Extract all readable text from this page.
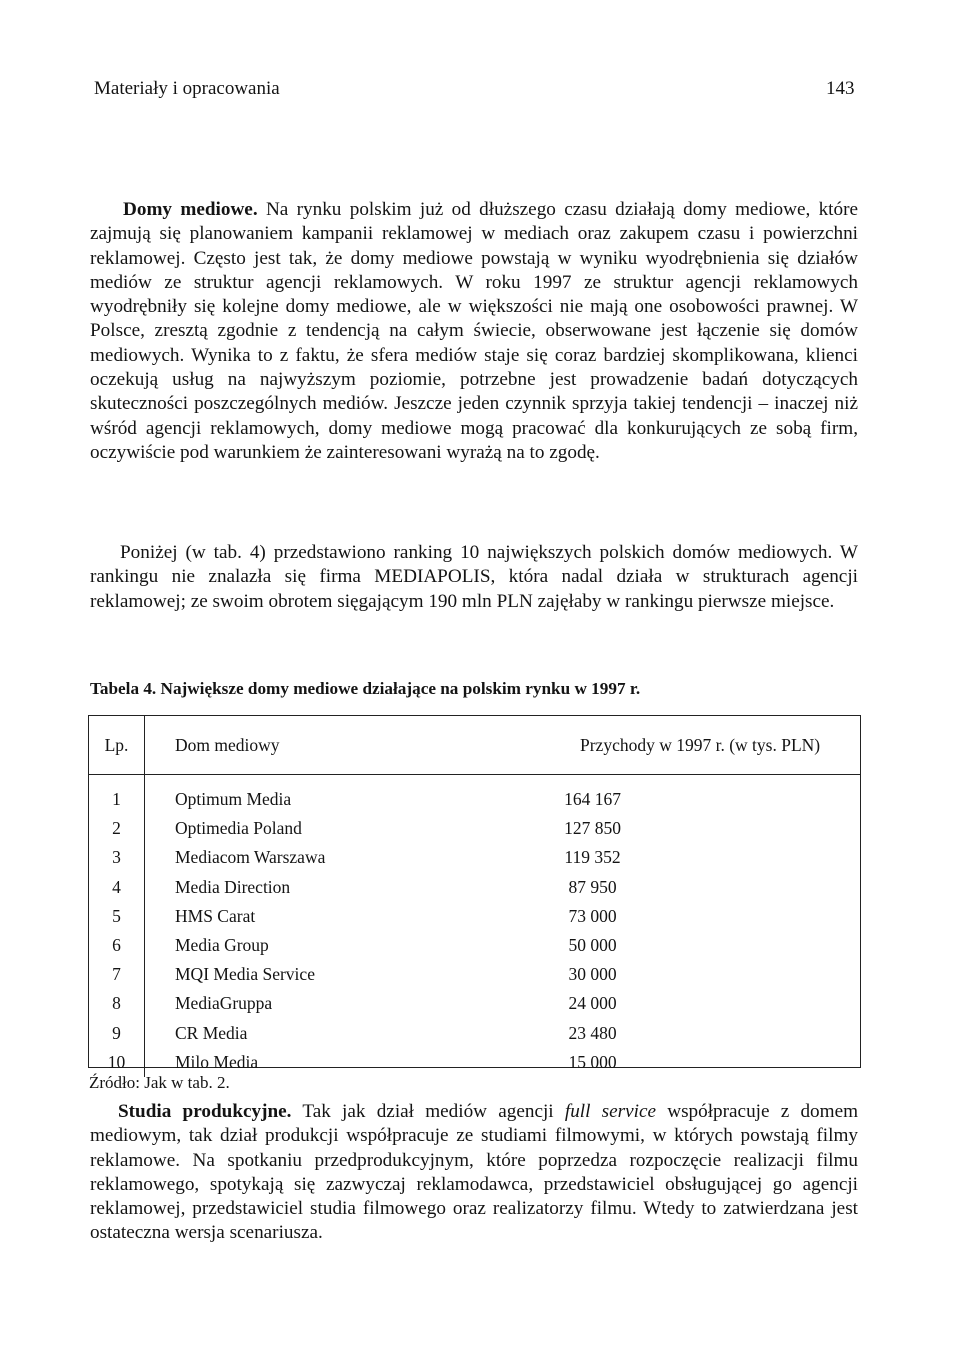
Materiały i opracowania	143

Domy mediowe. Na rynku polskim już od dłuższego czasu działają domy mediowe, które zajmują się planowaniem kampanii reklamowej w mediach oraz zakupem czasu i powierzchni reklamowej. Często jest tak, że domy mediowe powstają w wyniku wyodrębnienia się działów mediów ze struktur agencji reklamowych. W roku 1997 ze struktur agencji reklamowych wyodrębniły się kolejne domy mediowe, ale w większości nie mają one osobowości prawnej. W Polsce, zresztą zgodnie z tendencją na całym świecie, obserwowane jest łączenie się domów mediowych. Wynika to z faktu, że sfera mediów staje się coraz bardziej skomplikowana, klienci oczekują usług na najwyższym poziomie, potrzebne jest prowadzenie badań dotyczących skuteczności poszczególnych mediów. Jeszcze jeden czynnik sprzyja takiej tendencji – inaczej niż wśród agencji reklamowych, domy mediowe mogą pracować dla konkurujących ze sobą firm, oczywiście pod warunkiem że zainteresowani wyrażą na to zgodę.

Poniżej (w tab. 4) przedstawiono ranking 10 największych polskich domów mediowych. W rankingu nie znalazła się firma MEDIAPOLIS, która nadal działa w strukturach agencji reklamowej; ze swoim obrotem sięgającym 190 mln PLN zajęłaby w rankingu pierwsze miejsce.

Tabela 4. Największe domy mediowe działające na polskim rynku w 1997 r.
Lp.	Dom mediowy	Przychody w 1997 r. (w tys. PLN)

1	Optimum Media	164 167
2	Optimedia Poland	127 850
3	Mediacom Warszawa	119 352
4	Media Direction	87 950
5	HMS Carat	73 000
6	Media Group	50 000
7	MQI Media Service	30 000
8	MediaGruppa	24 000
9	CR Media	23 480
10	Milo Media	15 000
Źródło: Jak w tab. 2.

Studia produkcyjne. Tak jak dział mediów agencji full service współpracuje z domem mediowym, tak dział produkcji współpracuje ze studiami filmowymi, w których powstają filmy reklamowe. Na spotkaniu przedprodukcyjnym, które poprzedza rozpoczęcie realizacji filmu reklamowego, spotykają się zazwyczaj reklamodawca, przedstawiciel obsługującej go agencji reklamowej, przedstawiciel studia filmowego oraz realizatorzy filmu. Wtedy to zatwierdzana jest ostateczna wersja scenariusza.
